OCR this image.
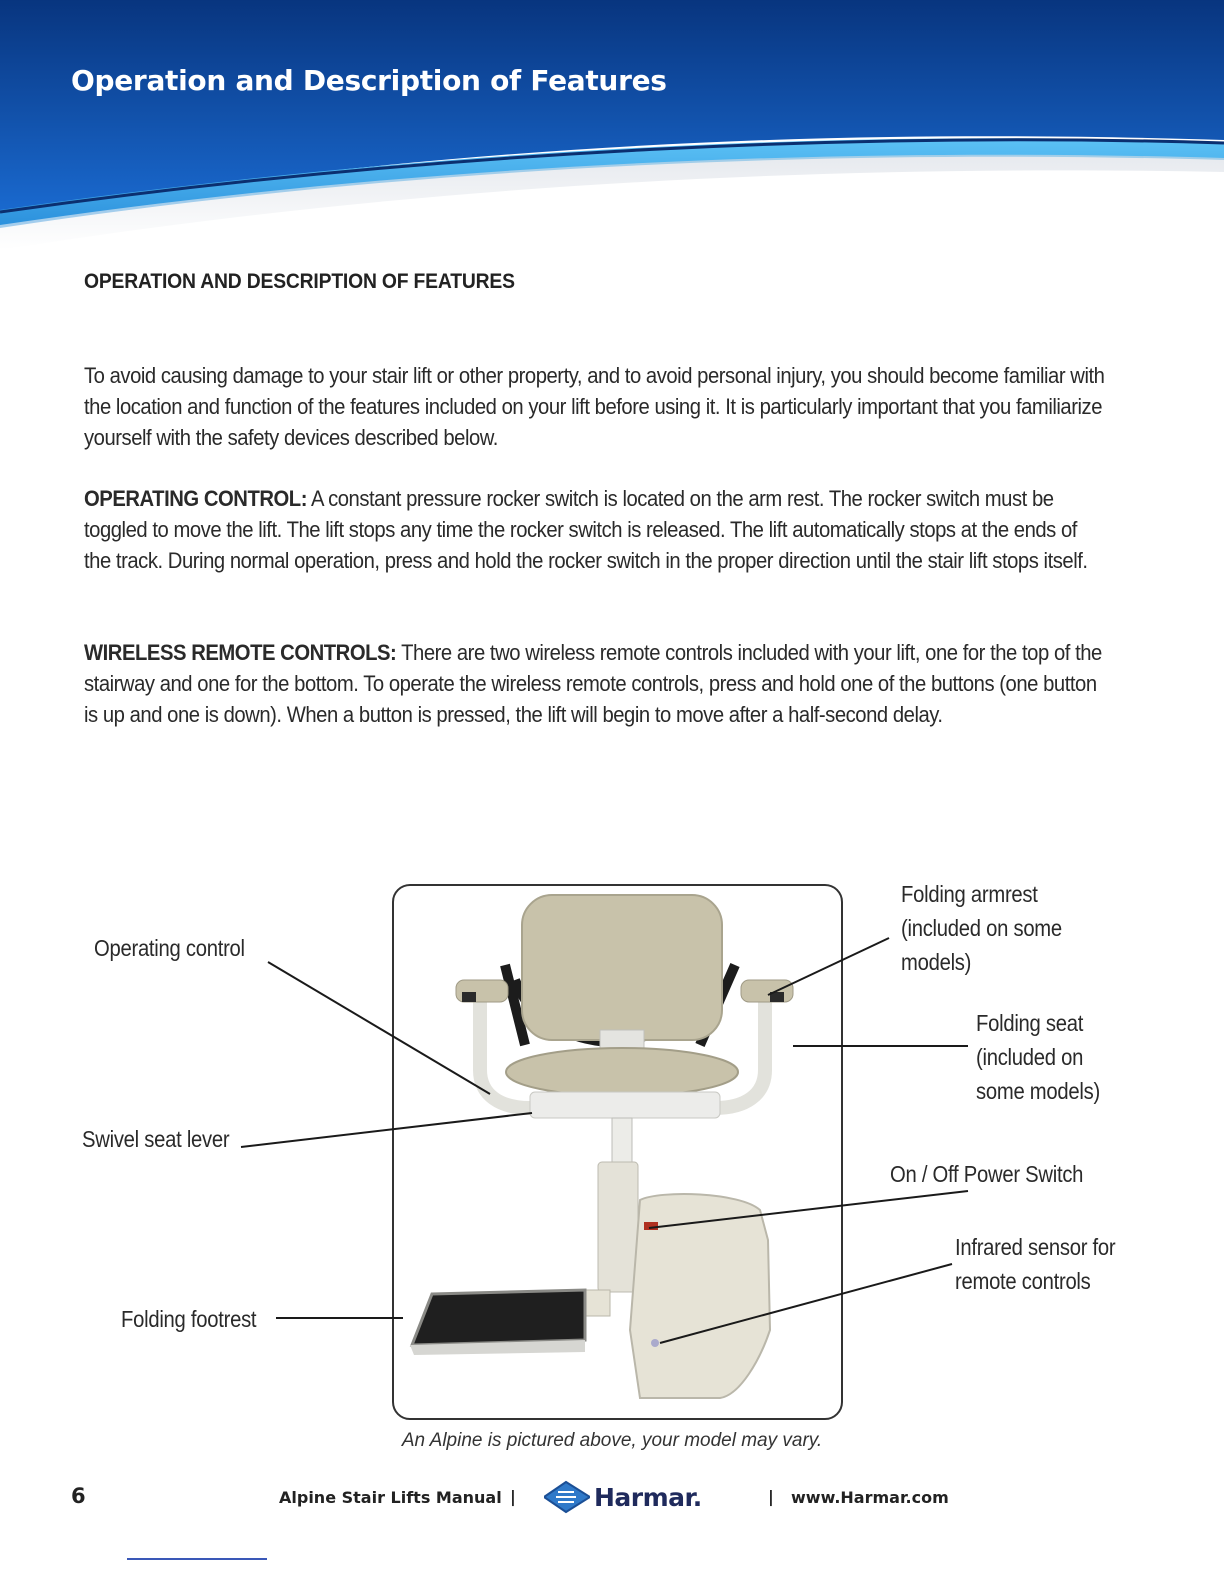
Operation and Description of Features
OPERATION AND DESCRIPTION OF FEATURES

To avoid causing damage to your stair lift or other property, and to avoid personal injury, you should become familiar with the location and function of the features included on your lift before using it. It is particularly important that you familiarize yourself with the safety devices described below.

OPERATING CONTROL: A constant pressure rocker switch is located on the arm rest. The rocker switch must be toggled to move the lift. The lift stops any time the rocker switch is released. The lift automatically stops at the ends of the track. During normal operation, press and hold the rocker switch in the proper direction until the stair lift stops itself.

WIRELESS REMOTE CONTROLS: There are two wireless remote controls included with your lift, one for the top of the stairway and one for the bottom. To operate the wireless remote controls, press and hold one of the buttons (one button is up and one is down). When a button is pressed, the lift will begin to move after a half-second delay.

Operating control
Swivel seat lever
Folding footrest
Folding armrest
(included on some
models)
Folding seat
(included on
some models)
On / Off Power Switch
Infrared sensor for
remote controls
An Alpine is pictured above, your model may vary.
6	Alpine Stair Lifts Manual |	Harmar.	| www.Harmar.com
